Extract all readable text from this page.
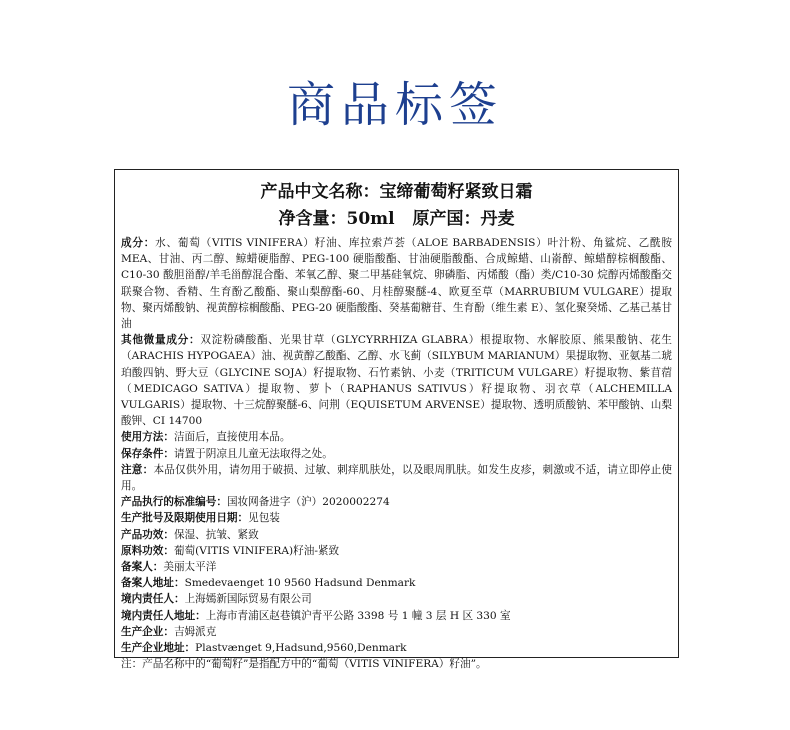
商品标签
产品中文名称：宝缔葡萄籽紧致日霜
净含量：50ml 原产国：丹麦
成分：水、葡萄（VITIS VINIFERA）籽油、库拉索芦荟（ALOE BARBADENSIS）叶汁粉、角鲨烷、乙酰胺 MEA、甘油、丙二醇、鲸蜡硬脂醇、PEG-100 硬脂酸酯、甘油硬脂酸酯、合成鲸蜡、山嵛醇、鲸蜡醇棕榈酸酯、C10-30 酸胆甾醇/羊毛甾醇混合酯、苯氧乙醇、聚二甲基硅氧烷、卵磷脂、丙烯酸（酯）类/C10-30 烷醇丙烯酸酯交联聚合物、香精、生育酚乙酸酯、聚山梨醇酯-60、月桂醇聚醚-4、欧夏至草（MARRUBIUM VULGARE）提取物、聚丙烯酸钠、视黄醇棕榈酸酯、PEG-20 硬脂酸酯、癸基葡糖苷、生育酚（维生素 E）、氢化聚癸烯、乙基己基甘油
其他微量成分：双淀粉磷酸酯、光果甘草（GLYCYRRHIZA GLABRA）根提取物、水解胶原、熊果酸钠、花生（ARACHIS HYPOGAEA）油、视黄醇乙酸酯、乙醇、水飞蓟（SILYBUM MARIANUM）果提取物、亚氨基二琥珀酸四钠、野大豆（GLYCINE SOJA）籽提取物、石竹素钠、小麦（TRITICUM VULGARE）籽提取物、紫苜蓿（MEDICAGO SATIVA）提取物、萝卜（RAPHANUS SATIVUS）籽提取物、羽衣草（ALCHEMILLA VULGARIS）提取物、十三烷醇聚醚-6、问荆（EQUISETUM ARVENSE）提取物、透明质酸钠、苯甲酸钠、山梨酸钾、CI 14700
使用方法：洁面后，直接使用本品。
保存条件：请置于阴凉且儿童无法取得之处。
注意：本品仅供外用，请勿用于破损、过敏、刺痒肌肤处，以及眼周肌肤。如发生皮疹，刺激或不适，请立即停止使用。
产品执行的标准编号：国妆网备进字（沪）2020002274
生产批号及限期使用日期：见包装
产品功效：保湿、抗皱、紧致
原料功效：葡萄(VITIS VINIFERA)籽油-紧致
备案人：美丽太平洋
备案人地址：Smedevaenget 10 9560 Hadsund Denmark
境内责任人：上海嫣新国际贸易有限公司
境内责任人地址：上海市青浦区赵巷镇沪青平公路 3398 号 1 幢 3 层 H 区 330 室
生产企业：吉姆派克
生产企业地址：Plastvænget 9,Hadsund,9560,Denmark
注：产品名称中的“葡萄籽”是指配方中的“葡萄（VITIS VINIFERA）籽油”。
